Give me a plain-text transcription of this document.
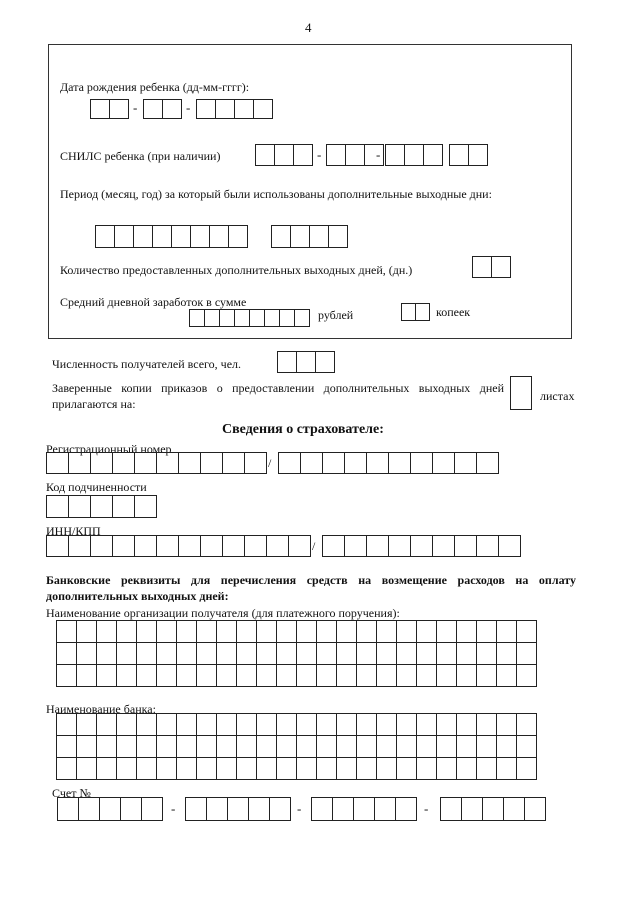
4
Дата рождения ребенка (дд-мм-гггг):
-	-
СНИЛС ребенка (при наличии)	-	-
Период (месяц, год) за который были использованы дополнительные выходные дни:
Количество предоставленных дополнительных выходных дней, (дн.)
Средний дневной заработок в сумме
рублей	копеек
Численность получателей всего, чел.
Заверенные копии приказов о предоставлении дополнительных выходных дней
прилагаются на:
листах
Сведения о страхователе:
Регистрационный номер
/
Код подчиненности
ИНН/КПП
/
Банковские реквизиты для перечисления средств на возмещение расходов на оплату
дополнительных выходных дней:
Наименование организации получателя (для платежного поручения):

Наименование банка:

Счет №
-	-	-
